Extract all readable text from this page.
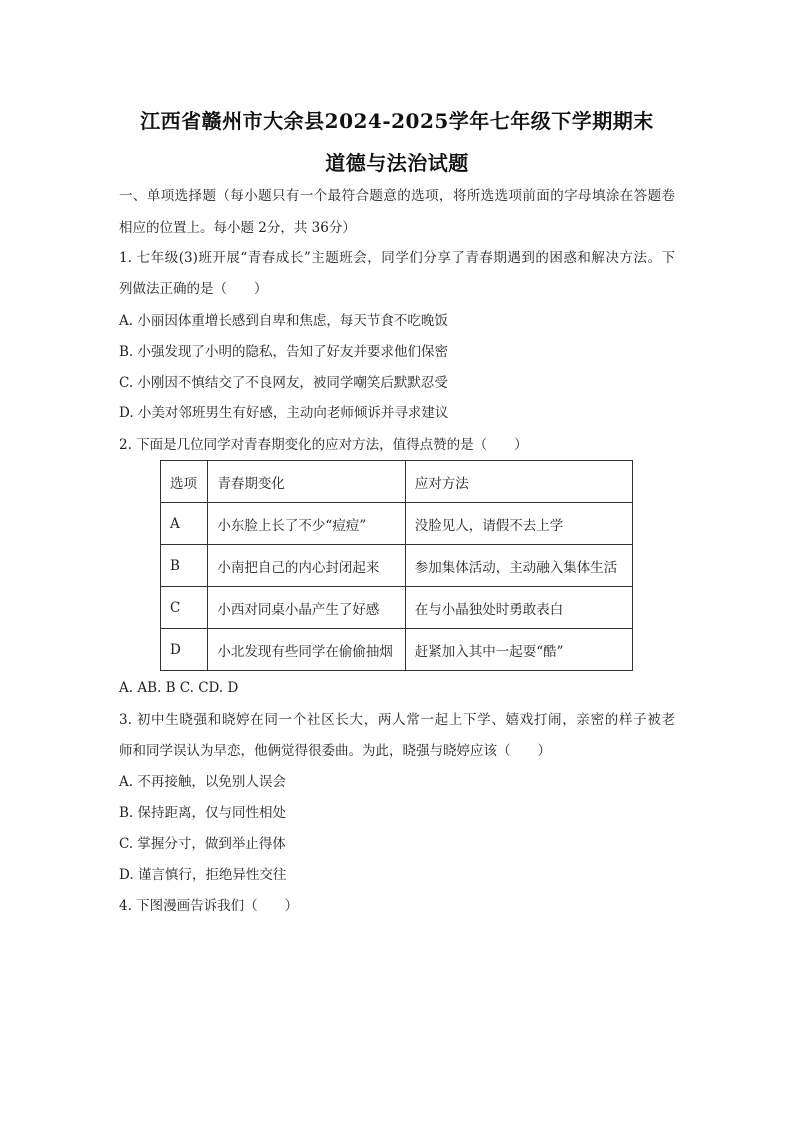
江西省赣州市大余县2024-2025学年七年级下学期期末
道德与法治试题
一、单项选择题（每小题只有一个最符合题意的选项，将所选选项前面的字母填涂在答题卷
相应的位置上。每小题 2分，共 36分）
1. 七年级(3)班开展“青春成长”主题班会，同学们分享了青春期遇到的困惑和解决方法。下
列做法正确的是（　　）
A. 小丽因体重增长感到自卑和焦虑，每天节食不吃晚饭
B. 小强发现了小明的隐私，告知了好友并要求他们保密
C. 小刚因不慎结交了不良网友，被同学嘲笑后默默忍受
D. 小美对邻班男生有好感，主动向老师倾诉并寻求建议
2. 下面是几位同学对青春期变化的应对方法，值得点赞的是（　　）
选项	青春期变化	应对方法
A	小东脸上长了不少“痘痘”	没脸见人，请假不去上学
B	小南把自己的内心封闭起来	参加集体活动，主动融入集体生活
C	小西对同桌小晶产生了好感	在与小晶独处时勇敢表白
D	小北发现有些同学在偷偷抽烟	赶紧加入其中一起耍“酷”
A. AB. B C. CD. D
3. 初中生晓强和晓婷在同一个社区长大，两人常一起上下学、嬉戏打闹，亲密的样子被老
师和同学误认为早恋，他俩觉得很委曲。为此，晓强与晓婷应该（　　）
A. 不再接触，以免别人误会
B. 保持距离，仅与同性相处
C. 掌握分寸，做到举止得体
D. 谨言慎行，拒绝异性交往
4. 下图漫画告诉我们（　　）
